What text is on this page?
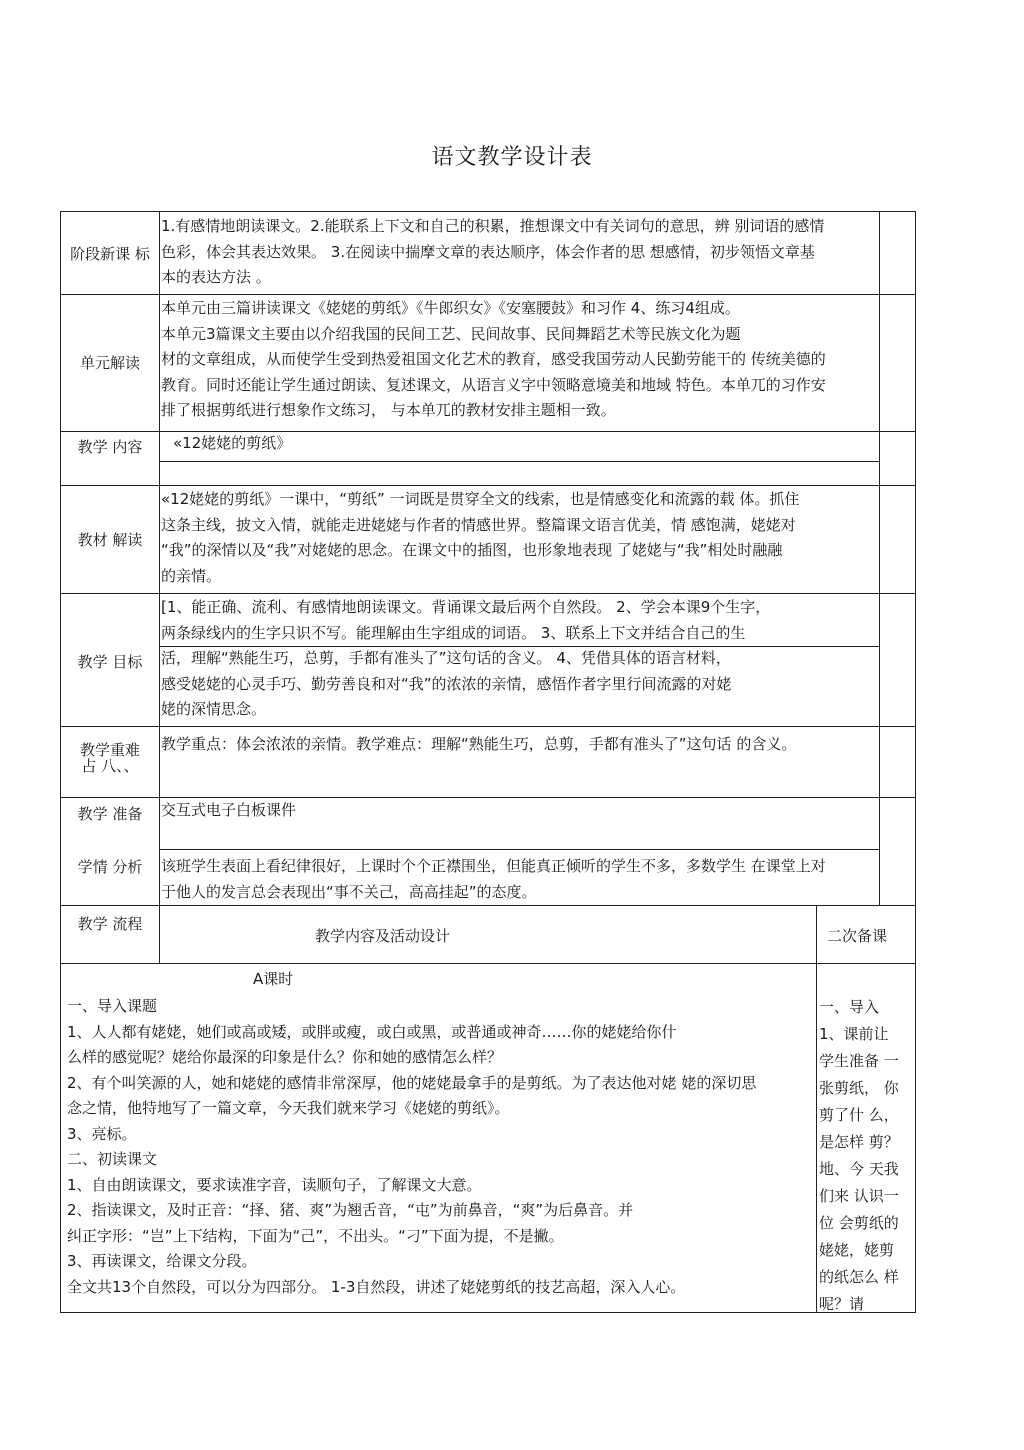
语文教学设计表
阶段新课 标
单元解读
教学 内容
教材 解读
教学 目标
教学重难
占 八、、
教学 准备
学情 分析
教学 流程
1.有感情地朗读课文。2.能联系上下文和自己的积累，推想课文中有关词句的意思，辨 别词语的感情
色彩，体会其表达效果。 3.在阅读中揣摩文章的表达顺序，体会作者的思 想感情，初步领悟文章基
本的表达方法 。
本单元由三篇讲读课文《姥姥的剪纸》《牛郎织女》《安塞腰鼓》和习作 4、练习4组成。
本单元3篇课文主要由以介绍我国的民间工艺、民间故事、民间舞蹈艺术等民族文化为题
材的文章组成，从而使学生受到热爱祖国文化艺术的教育，感受我国劳动人民勤劳能干的 传统美德的
教育。同时还能让学生通过朗读、复述课文，从语言义字中领略意境美和地域 特色。本单兀的习作安
排了根据剪纸进行想象作文练习， 与本单兀的教材安排主题相一致。
«12姥姥的剪纸》
«12姥姥的剪纸》一课中，“剪纸” 一词既是贯穿全文的线索，也是情感变化和流露的载 体。抓住
这条主线，披文入情，就能走进姥姥与作者的情感世界。整篇课文语言优美，情 感饱满，姥姥对
“我”的深情以及“我”对姥姥的思念。在课文中的插图，也形象地表现 了姥姥与“我”相处时融融
的亲情。
[1、能正确、流利、有感情地朗读课文。背诵课文最后两个自然段。 2、学会本课9个生字，
两条绿线内的生字只识不写。能理解由生字组成的词语。 3、联系上下文并结合自己的生
活，理解“熟能生巧，总剪，手都有准头了”这句话的含义。 4、凭借具体的语言材料，
感受姥姥的心灵手巧、勤劳善良和对“我”的浓浓的亲情，感悟作者字里行间流露的对姥
姥的深情思念。
教学重点：体会浓浓的亲情。教学难点：理解“熟能生巧，总剪，手都有准头了”这句话 的含义。
交互式电子白板课件
该班学生表面上看纪律很好，上课时个个正襟围坐，但能真正倾听的学生不多，多数学生 在课堂上对
于他人的发言总会表现出“事不关己，高高挂起”的态度。
教学内容及活动设计	二次备课
A课时
一、导入课题
1、人人都有姥姥，她们或高或矮，或胖或瘦，或白或黑，或普通或神奇……你的姥姥给你什
么样的感觉呢？姥给你最深的印象是什么？你和她的感情怎么样？
2、有个叫笑源的人，她和姥姥的感情非常深厚，他的姥姥最拿手的是剪纸。为了表达他对姥 姥的深切思
念之情，他特地写了一篇文章，今天我们就来学习《姥姥的剪纸》。
3、亮标。
二、初读课文
1、自由朗读课文，要求读准字音，读顺句子，了解课文大意。
2、指读课文，及时正音：“择、猪、爽”为翘舌音，“屯”为前鼻音，“爽”为后鼻音。并
纠正字形：“岂”上下结构，下面为“己”，不出头。“刁”下面为提，不是撇。
3、再读课文，给课文分段。
全文共13个自然段，可以分为四部分。 1-3自然段，讲述了姥姥剪纸的技艺高超，深入人心。
一、导入
1、课前让
学生准备 一
张剪纸， 你
剪了什 么，
是怎样 剪？
地、今 天我
们来 认识一
位 会剪纸的
姥姥，姥剪
的纸怎么 样
呢？请
